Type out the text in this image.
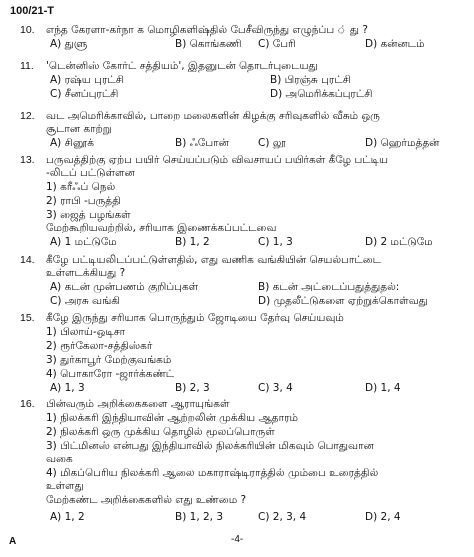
100/21-T
10. எந்த கேரளா-கர்நா க மொழிகளிஷ்தில் பேசீவிருந்து எழுந்ப்ப ் து ?
A) துளு	B) கொங்கணி C) பேரி	D) கன்னடம்
11. 'டென்னிஸ் கோர்ட் சத்தியம்', இதனுடன் தொடர்புடையது
A) ரஷ்ய புரட்சி	B) பிரஞ்சு புரட்சி
C) சீனப்புரட்சி	D) அமெரிக்கப்புரட்சி
12. வட அமெரிக்காவில், பாறை மலைகளின் கிழக்கு சரிவுகளில் வீசும் ஒரு
சூடான காற்று
A) சினூக்	B) ஃபோன்	C) லூ	D) ஹெர்மத்தன்
13. பருவத்திற்கு ஏற்ப பயிர் செய்யப்படும் விவசாயப் பயிர்கள் கீழே பட்டிய
-லிடப் பட்டுள்ளன
1) கரீஃப் நெல்
2) ராபி -பருத்தி
3) ஜைத் பழங்கள்
மேற்கூறியவற்றில், சரியாக இணைக்கப்பட்டவை
A) 1 மட்டுமே	B) 1, 2	C) 1, 3	D) 2 மட்டுமே
14. கீழே பட்டியலிடப்பட்டுள்ளதில், எது வணிக வங்கியின் செயல்பாட்டை
உள்ளடக்கியது ?
A) கடன் முன்பணம் குறிப்புகள்	B) கடன் அட்டைப்பதுத்துதல்:
C) அரசு வங்கி	D) முதலீட்டுகளை ஏற்றுக்கொள்வது
15. கீழே இருந்து சரியாக பொருந்தும் ஜோடியை தேர்வு செய்யவும்
1) பிலாய்-ஒடிசா
2) ரூர்கேலா-சத்திஸ்கர்
3) துர்காபூர் மேற்குவங்கம்
4) பொகாரோ -ஜார்க்கண்ட்
A) 1, 3	B) 2, 3	C) 3, 4	D) 1, 4
16. பின்வரும் அறிக்கைகளை ஆராயுங்கள்
1) நிலக்கரி இந்தியாவின் ஆற்றலின் முக்கிய ஆதாரம்
2) நிலக்கரி ஒரு முக்கிய தொழில் மூலப்பொருள்
3) பிட்மினஸ் என்பது இந்தியாவில் நிலக்கரியின் மிகவும் பொதுவான
வகை
4) மிகப்பெரிய நிலக்கரி ஆலை மகாராஷ்டிராத்தில் மும்பை உரைத்தில்
உள்ளது
மேற்கண்ட அறிக்கைகளில் எது உண்மை ?
A) 1, 2	B) 1, 2, 3	C) 2, 3, 4	D) 2, 4
A	-4-
